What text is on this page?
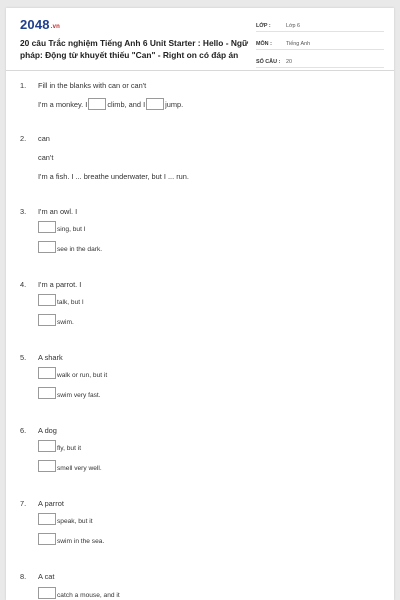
2048.vn
20 câu Trắc nghiệm Tiếng Anh 6 Unit Starter : Hello - Ngữ pháp: Động từ khuyết thiếu "Can" - Right on có đáp án
LỚP :	Lớp 6
MÔN :	Tiếng Anh
SỐ CÂU :	20
1. Fill in the blanks with can or can't
I'm a monkey. I	climb, and I	jump.
2. can
can't
I'm a fish. I ... breathe underwater, but I ... run.
3. I'm an owl. I
sing, but I
see in the dark.
4. I'm a parrot. I
talk, but I
swim.
5. A shark
walk or run, but it
swim very fast.
6. A dog
fly, but it
smell very well.
7. A parrot
speak, but it
swim in the sea.
8. A cat
catch a mouse, and it
